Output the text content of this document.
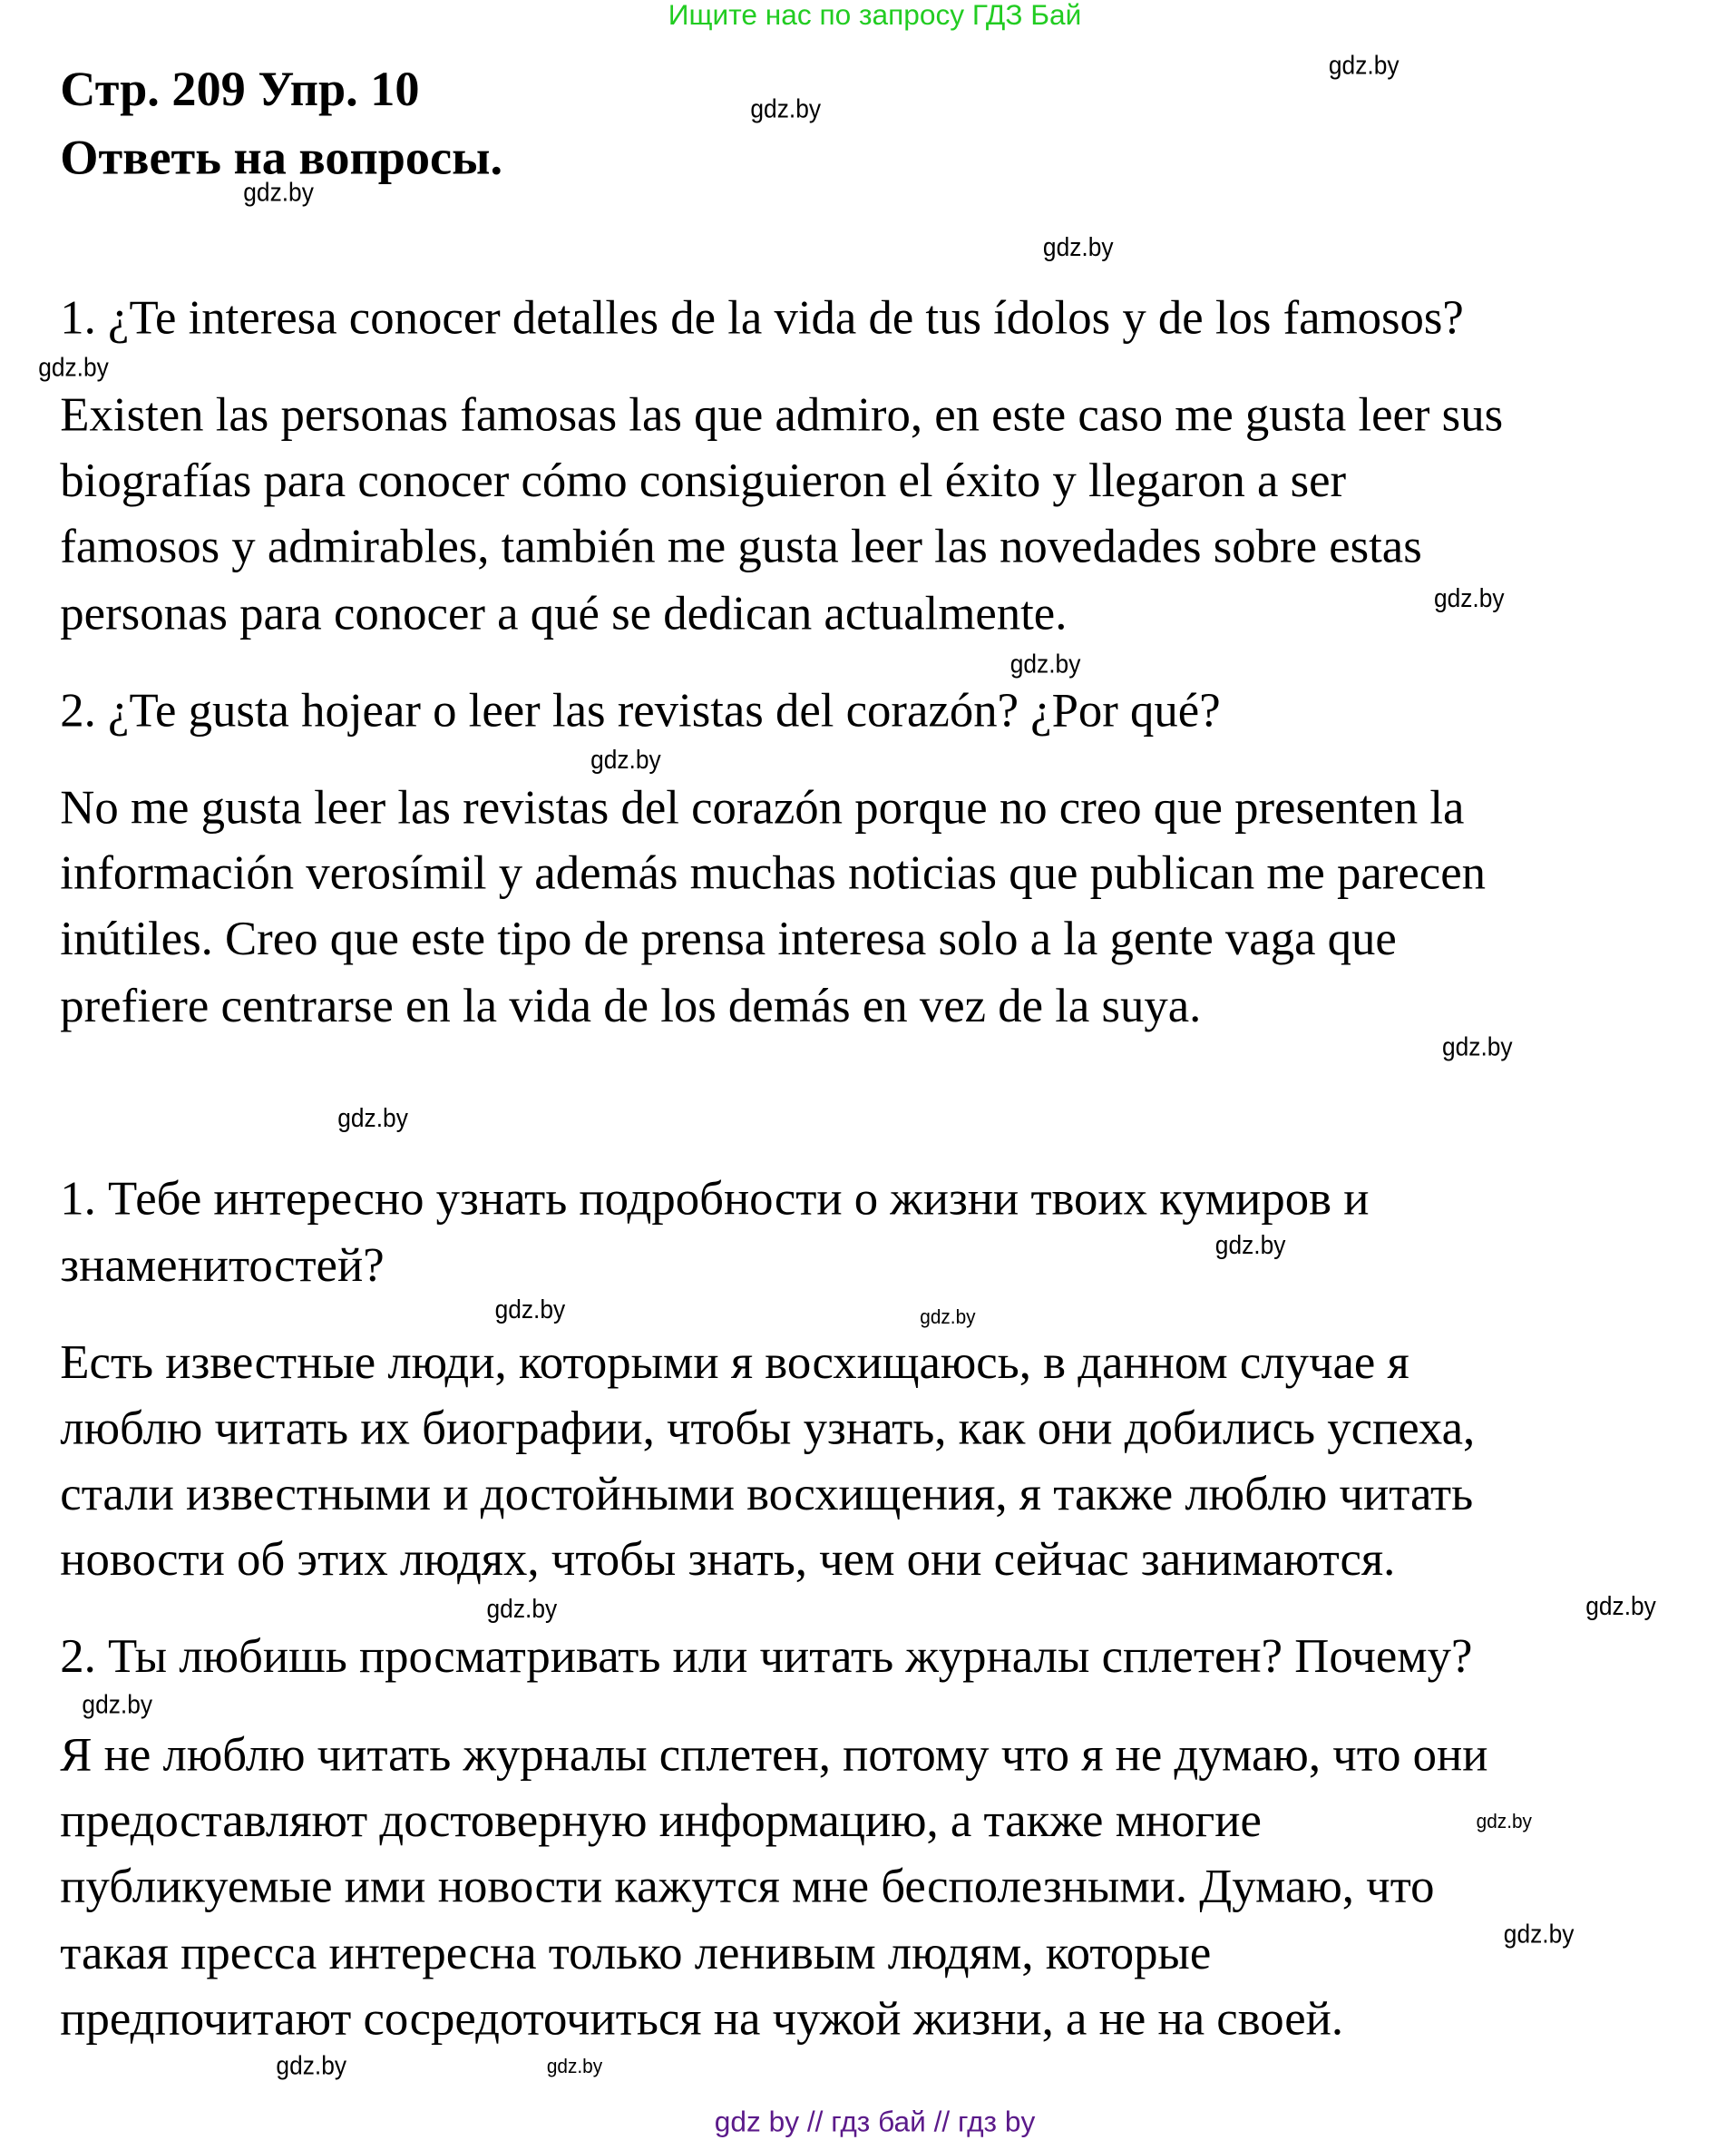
Ищите нас по запросу ГДЗ Бай
Стр. 209 Упр. 10
Ответь на вопросы.
1. ¿Te interesa conocer detalles de la vida de tus ídolos y de los famosos?
Existen las personas famosas las que admiro, en este caso me gusta leer sus
biografías para conocer cómo consiguieron el éxito y llegaron a ser
famosos y admirables, también me gusta leer las novedades sobre estas
personas para conocer a qué se dedican actualmente.
2. ¿Te gusta hojear o leer las revistas del corazón? ¿Por qué?
No me gusta leer las revistas del corazón porque no creo que presenten la
información verosímil y además muchas noticias que publican me parecen
inútiles. Creo que este tipo de prensa interesa solo a la gente vaga que
prefiere centrarse en la vida de los demás en vez de la suya.
1. Тебе интересно узнать подробности о жизни твоих кумиров и
знаменитостей?
Есть известные люди, которыми я восхищаюсь, в данном случае я
люблю читать их биографии, чтобы узнать, как они добились успеха,
стали известными и достойными восхищения, я также люблю читать
новости об этих людях, чтобы знать, чем они сейчас занимаются.
2. Ты любишь просматривать или читать журналы сплетен? Почему?
Я не люблю читать журналы сплетен, потому что я не думаю, что они
предоставляют достоверную информацию, а также многие
публикуемые ими новости кажутся мне бесполезными. Думаю, что
такая пресса интересна только ленивым людям, которые
предпочитают сосредоточиться на чужой жизни, а не на своей.
gdz.by
gdz.by
gdz.by
gdz.by
gdz.by
gdz.by
gdz.by
gdz.by
gdz.by
gdz.by
gdz.by
gdz.by	gdz.by
gdz.by
gdz.by
gdz.by
gdz.by
gdz.by
gdz.by
gdz.by
gdz by // гдз бай // гдз by
